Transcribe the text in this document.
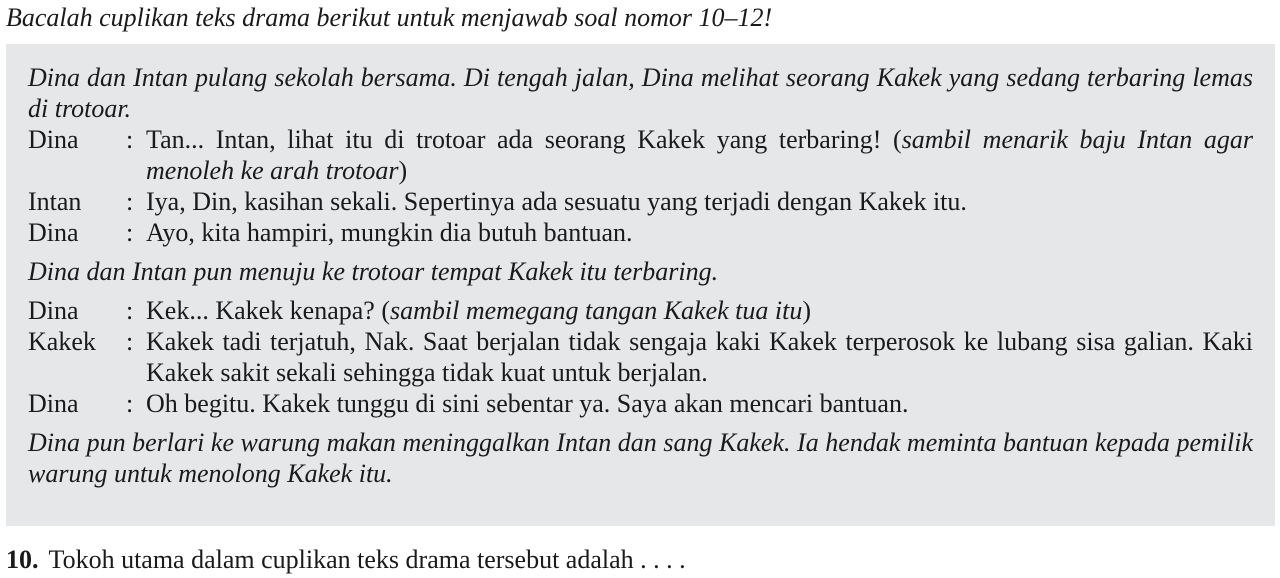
Bacalah cuplikan teks drama berikut untuk menjawab soal nomor 10–12!

Dina dan Intan pulang sekolah bersama. Di tengah jalan, Dina melihat seorang Kakek yang sedang terbaring lemas di trotoar.

Dina	: Tan... Intan, lihat itu di trotoar ada seorang Kakek yang terbaring! (sambil menarik baju Intan agar menoleh ke arah trotoar)
Intan	: Iya, Din, kasihan sekali. Sepertinya ada sesuatu yang terjadi dengan Kakek itu.
Dina	: Ayo, kita hampiri, mungkin dia butuh bantuan.

Dina dan Intan pun menuju ke trotoar tempat Kakek itu terbaring.

Dina	: Kek... Kakek kenapa? (sambil memegang tangan Kakek tua itu)
Kakek	: Kakek tadi terjatuh, Nak. Saat berjalan tidak sengaja kaki Kakek terperosok ke lubang sisa galian. Kaki Kakek sakit sekali sehingga tidak kuat untuk berjalan.
Dina	: Oh begitu. Kakek tunggu di sini sebentar ya. Saya akan mencari bantuan.

Dina pun berlari ke warung makan meninggalkan Intan dan sang Kakek. Ia hendak meminta bantuan kepada pemilik warung untuk menolong Kakek itu.

10. Tokoh utama dalam cuplikan teks drama tersebut adalah . . . .
